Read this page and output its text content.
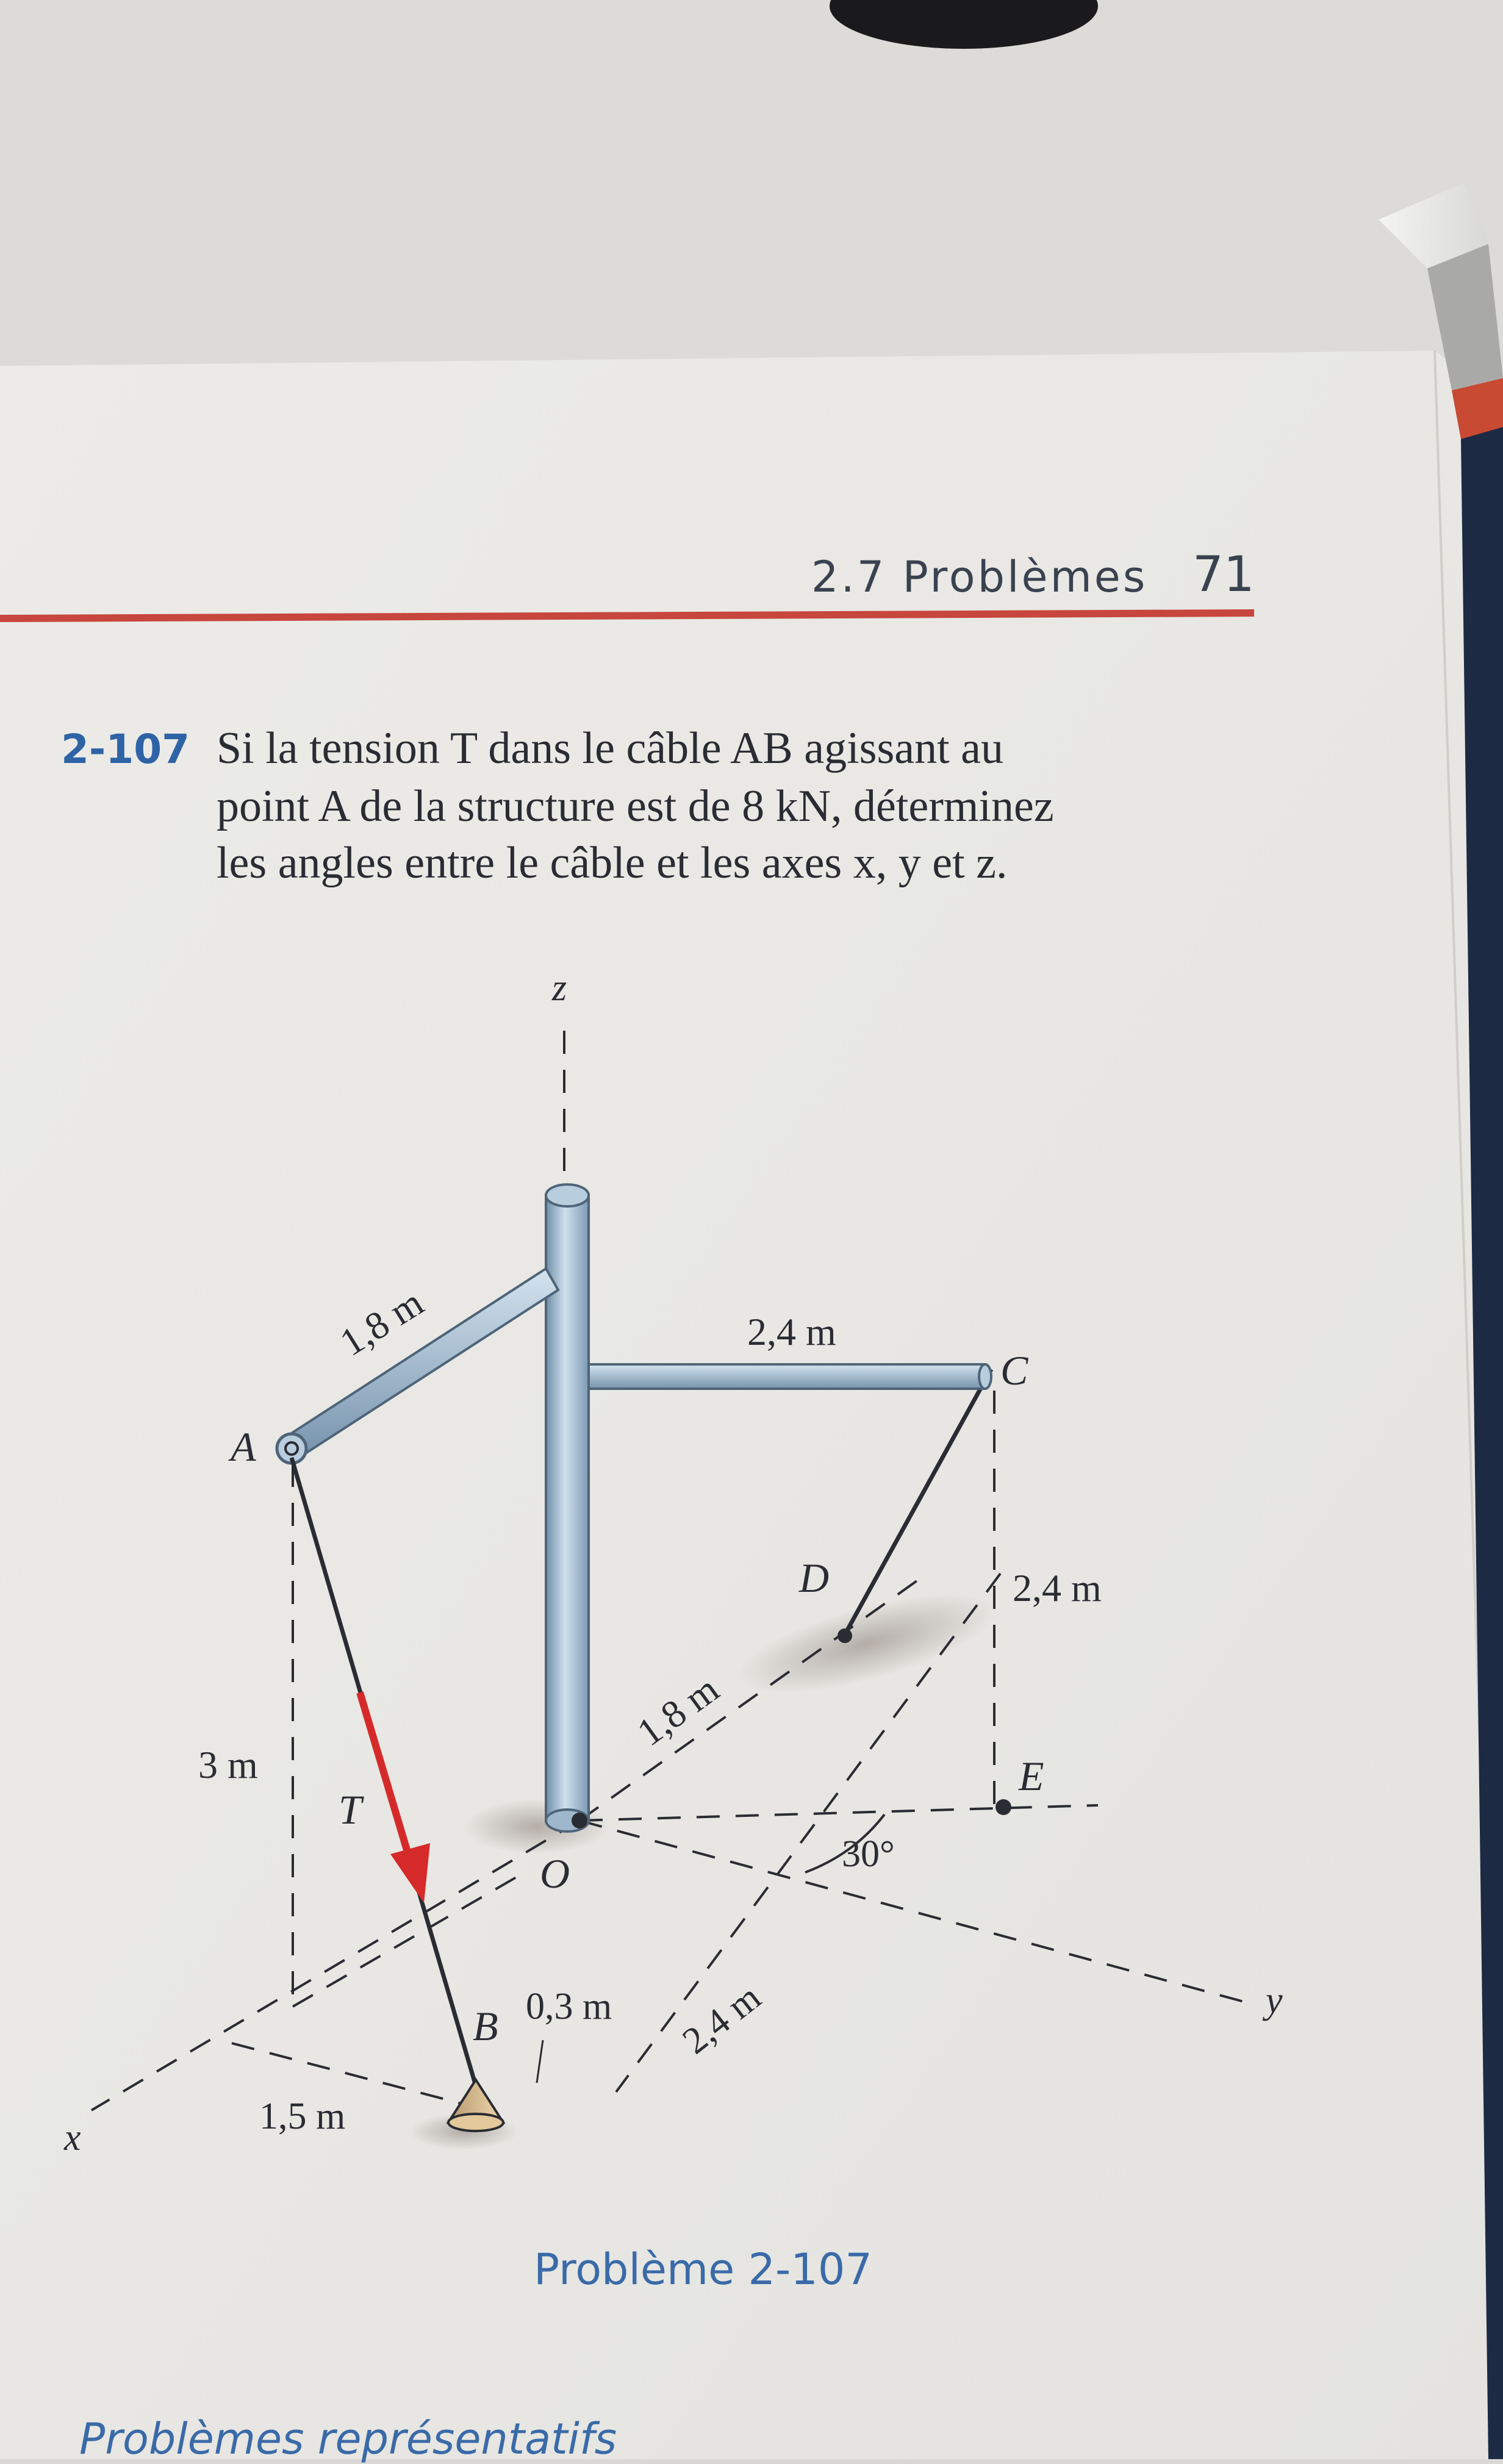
2.7 Problèmes 71
2-107 Si la tension T dans le câble AB agissant au
point A de la structure est de 8 kN, déterminez
les angles entre le câble et les axes x, y et z.
z
x
y
A
B
C
D
E
O
T
1,8 m	2,4 m
2,4 m
3 m
1,8 m
0,3 m
1,5 m
2,4 m
30°
Problème 2-107
Problèmes représentatifs
